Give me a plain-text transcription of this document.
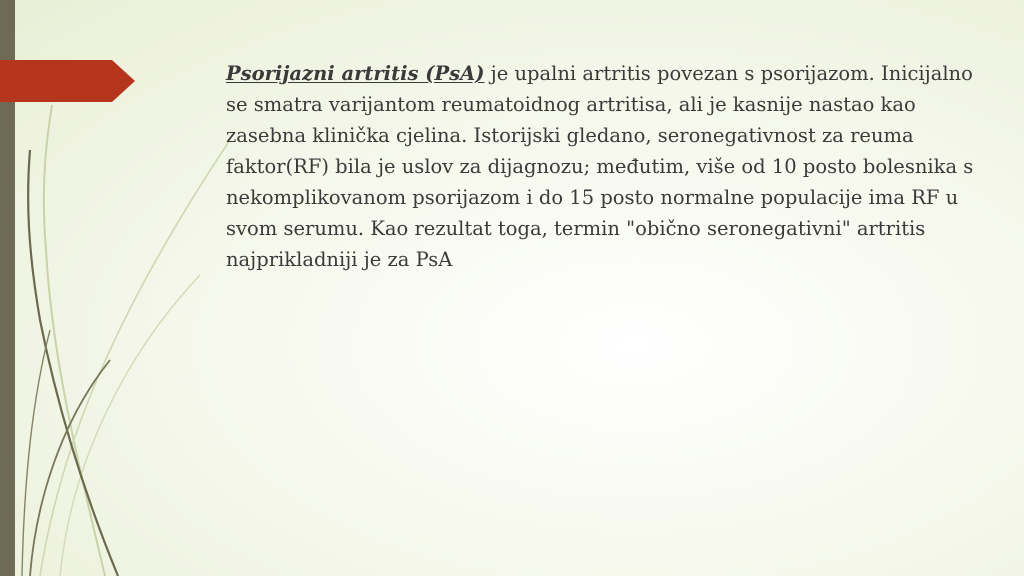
Psorijazni artritis (PsA) je upalni artritis povezan s psorijazom. Inicijalno se smatra varijantom reumatoidnog artritisa, ali je kasnije nastao kao zasebna klinička cjelina. Istorijski gledano, seronegativnost za reuma faktor(RF) bila je uslov za dijagnozu; međutim, više od 10 posto bolesnika s nekomplikovanom psorijazom i do 15 posto normalne populacije ima RF u svom serumu. Kao rezultat toga, termin "obično seronegativni" artritis najprikladniji je za PsA
